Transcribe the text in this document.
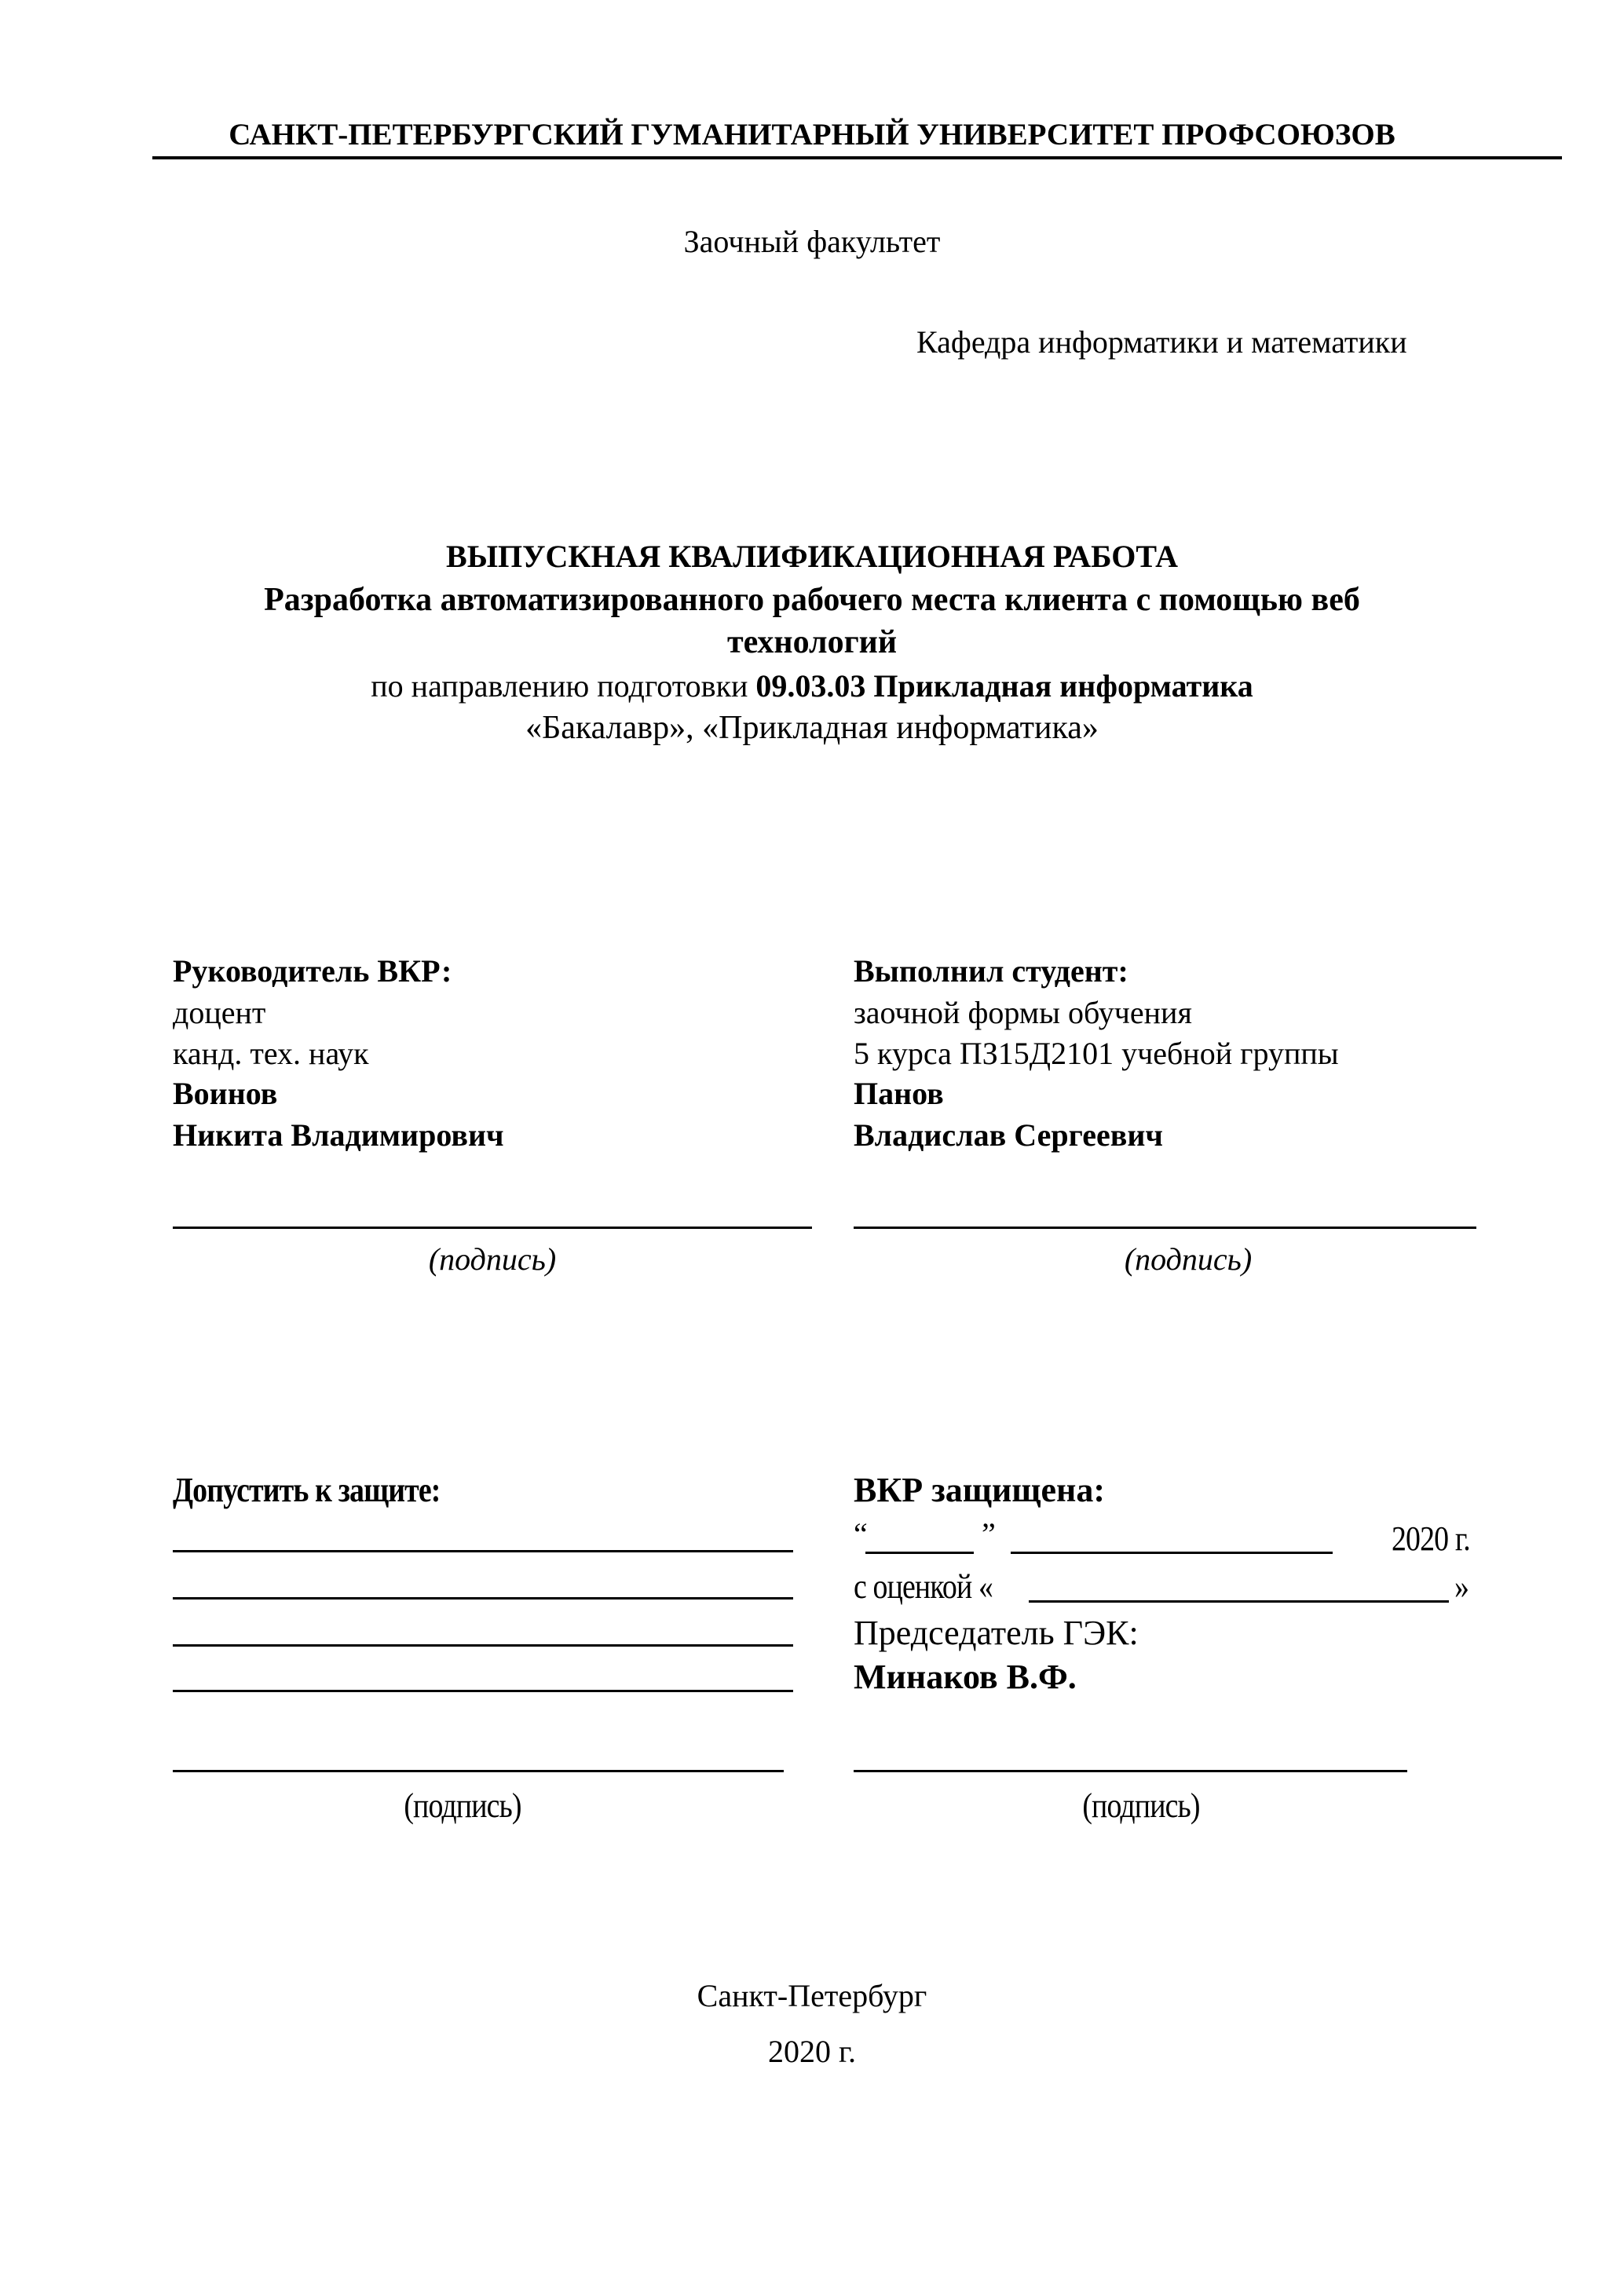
САНКТ-ПЕТЕРБУРГСКИЙ ГУМАНИТАРНЫЙ УНИВЕРСИТЕТ ПРОФСОЮЗОВ
Заочный факультет
Кафедра информатики и математики
ВЫПУСКНАЯ КВАЛИФИКАЦИОННАЯ РАБОТА
Разработка автоматизированного рабочего места клиента с помощью веб
технологий
по направлению подготовки 09.03.03 Прикладная информатика
«Бакалавр», «Прикладная информатика»
Руководитель ВКР:
доцент
канд. тех. наук
Воинов
Никита Владимирович
(подпись)
Выполнил студент:
заочной формы обучения
5 курса ПЗ15Д2101 учебной группы
Панов
Владислав Сергеевич
(подпись)
Допустить к защите:
(подпись)
ВКР защищена:
“	”	2020 г.
с оценкой «	»
Председатель ГЭК:
Минаков В.Ф.
(подпись)
Санкт-Петербург
2020 г.
